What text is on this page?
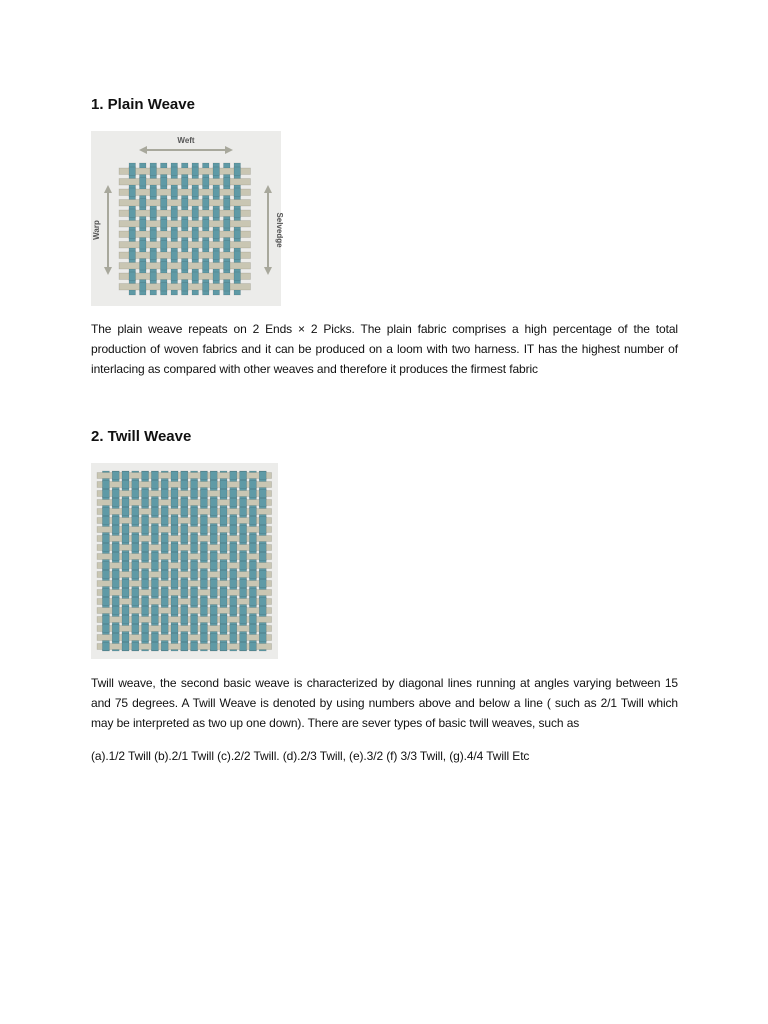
1. Plain Weave
Weft
Warp	Selvedge

The plain weave repeats on 2 Ends × 2 Picks. The plain fabric comprises a high percentage of the total production of woven fabrics and it can be produced on a loom with two harness. IT has the highest number of interlacing as compared with other weaves and therefore it produces the firmest fabric

2. Twill Weave

Twill weave, the second basic weave is characterized by diagonal lines running at angles varying between 15 and 75 degrees. A Twill Weave is denoted by using numbers above and below a line ( such as 2/1 Twill which may be interpreted as two up one down). There are sever types of basic twill weaves, such as

(a).1/2 Twill (b).2/1 Twill (c).2/2 Twill. (d).2/3 Twill, (e).3/2 (f) 3/3 Twill, (g).4/4 Twill Etc
